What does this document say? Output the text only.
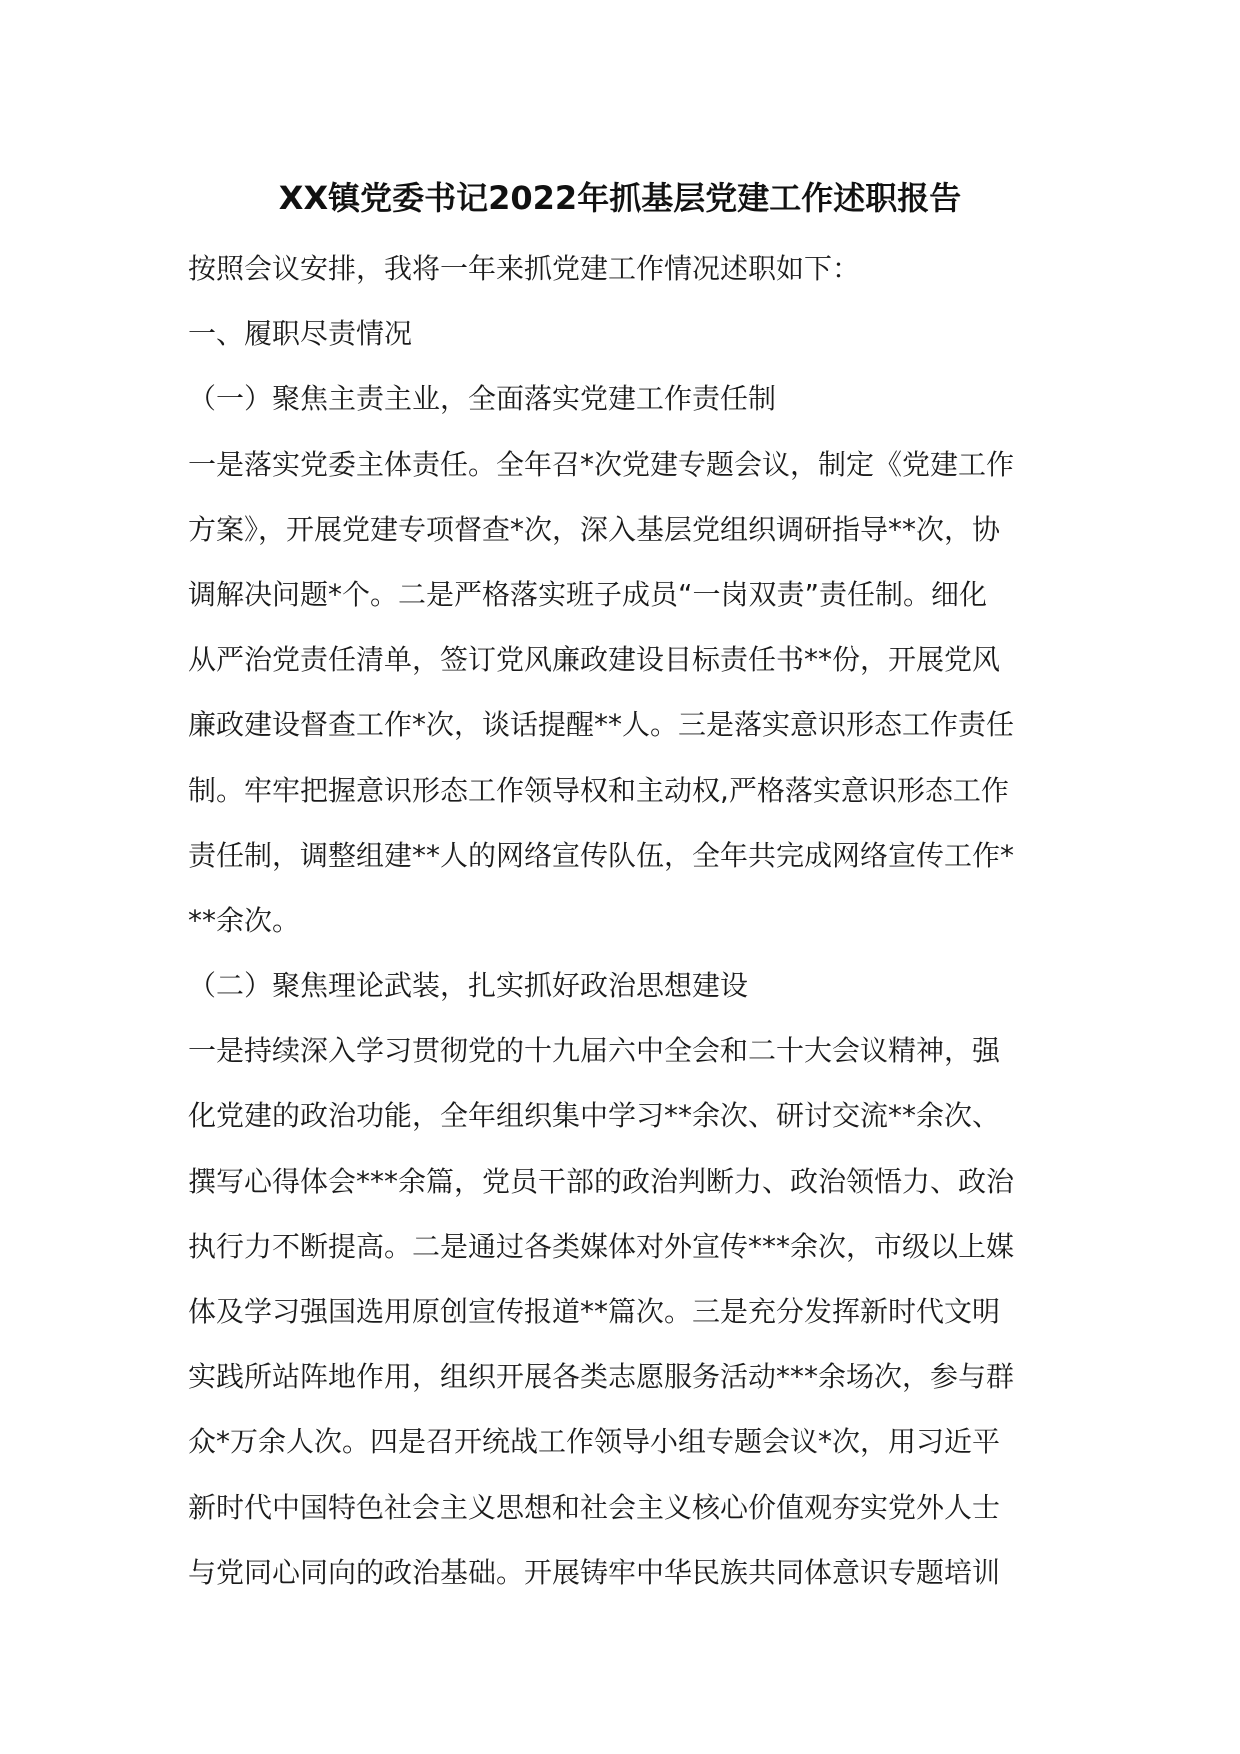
XX镇党委书记2022年抓基层党建工作述职报告
按照会议安排，我将一年来抓党建工作情况述职如下：
一、履职尽责情况
（一）聚焦主责主业，全面落实党建工作责任制
一是落实党委主体责任。全年召*次党建专题会议，制定《党建工作
方案》，开展党建专项督查*次，深入基层党组织调研指导**次，协
调解决问题*个。二是严格落实班子成员“一岗双责”责任制。细化
从严治党责任清单，签订党风廉政建设目标责任书**份，开展党风
廉政建设督查工作*次，谈话提醒**人。三是落实意识形态工作责任
制。牢牢把握意识形态工作领导权和主动权,严格落实意识形态工作
责任制，调整组建**人的网络宣传队伍，全年共完成网络宣传工作*
**余次。
（二）聚焦理论武装，扎实抓好政治思想建设
一是持续深入学习贯彻党的十九届六中全会和二十大会议精神，强
化党建的政治功能，全年组织集中学习**余次、研讨交流**余次、
撰写心得体会***余篇，党员干部的政治判断力、政治领悟力、政治
执行力不断提高。二是通过各类媒体对外宣传***余次，市级以上媒
体及学习强国选用原创宣传报道**篇次。三是充分发挥新时代文明
实践所站阵地作用，组织开展各类志愿服务活动***余场次，参与群
众*万余人次。四是召开统战工作领导小组专题会议*次，用习近平
新时代中国特色社会主义思想和社会主义核心价值观夯实党外人士
与党同心同向的政治基础。开展铸牢中华民族共同体意识专题培训
